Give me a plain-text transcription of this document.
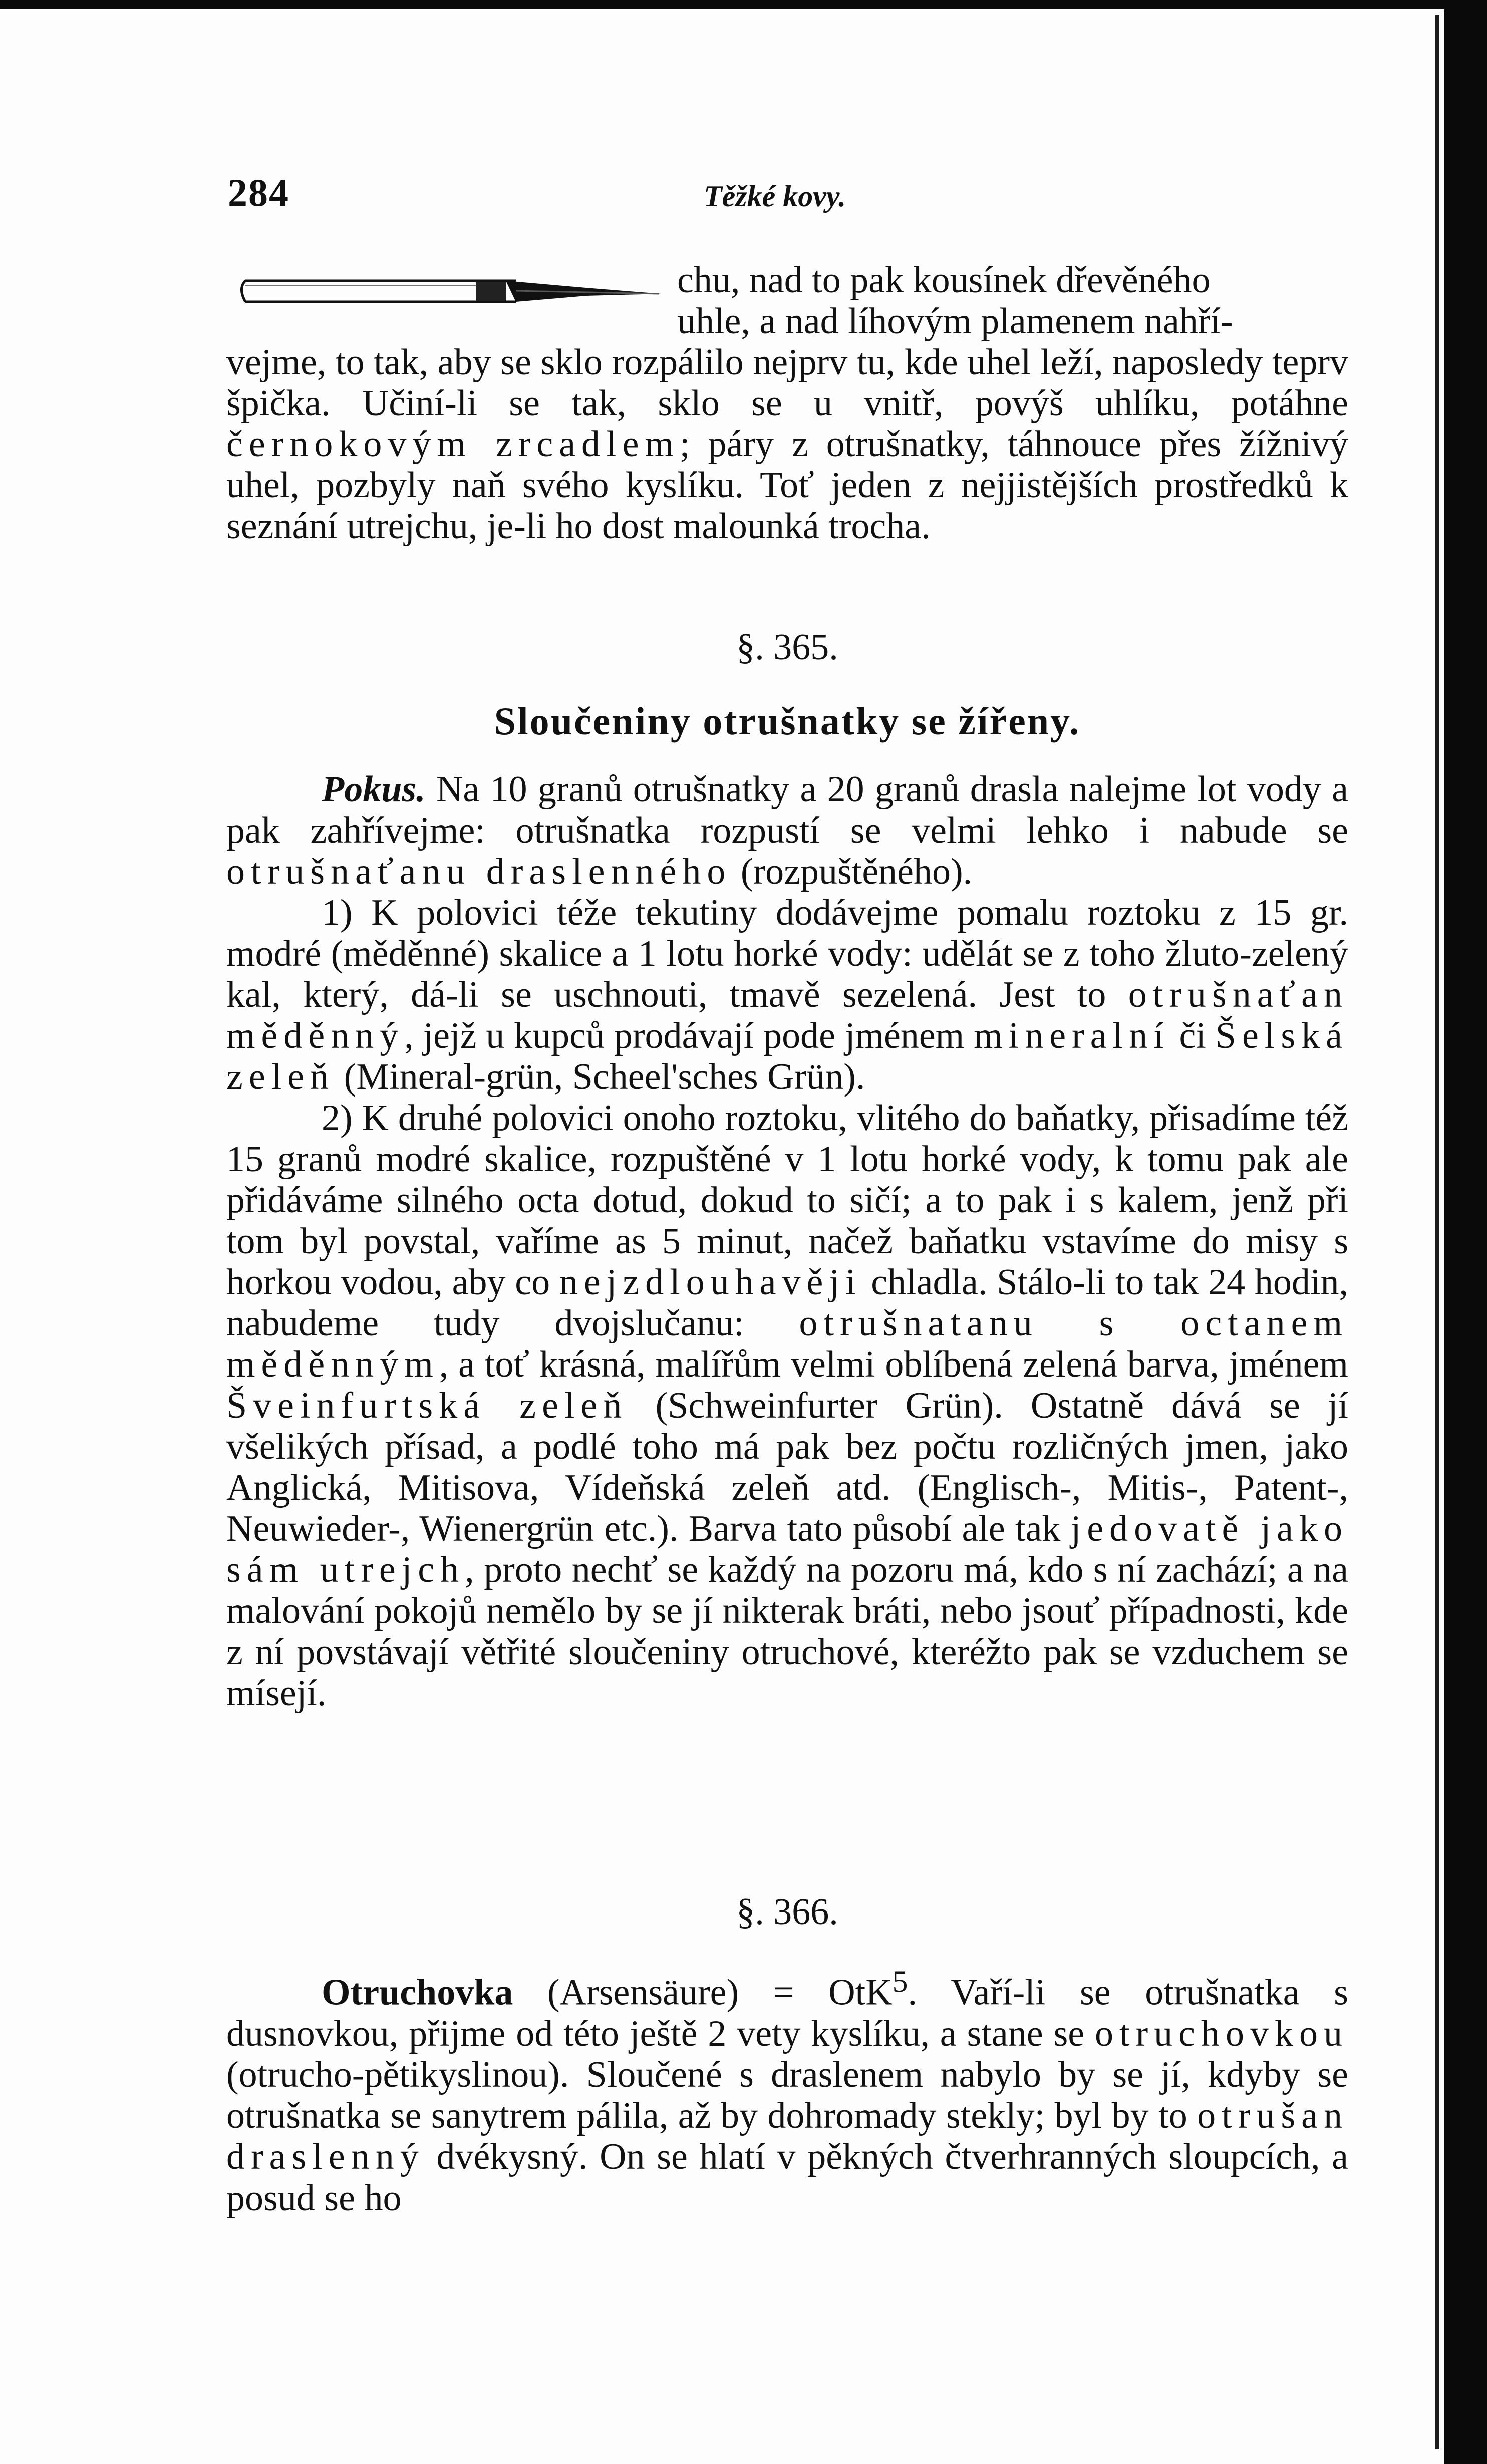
284	Těžké kovy.

chu, nad to pak kousínek dřevěného

uhle, a nad líhovým plamenem nahří-

vejme, to tak, aby se sklo rozpálilo nejprv tu, kde uhel leží, naposledy teprv špička. Učiní-li se tak, sklo se u vnitř, povýš uhlíku, potáhne černokovým zrcadlem; páry z otrušnatky, táhnouce přes žížnivý uhel, pozbyly naň svého kyslíku. Toť jeden z nejjistějších prostředků k seznání utrejchu, je-li ho dost malounká trocha.

§. 365.
Sloučeniny otrušnatky se žířeny.

Pokus. Na 10 granů otrušnatky a 20 granů drasla nalejme lot vody a pak zahřívejme: otrušnatka rozpustí se velmi lehko i nabude se otrušnaťanu draslenného (rozpuštěného).

1) K polovici téže tekutiny dodávejme pomalu roztoku z 15 gr. modré (měděnné) skalice a 1 lotu horké vody: udělát se z toho žluto-zelený kal, který, dá-li se uschnouti, tmavě sezelená. Jest to otrušnaťan měděnný, jejž u kupců prodávají pode jménem mineralní či Šelská zeleň (Mineral-grün, Scheel'sches Grün).

2) K druhé polovici onoho roztoku, vlitého do baňatky, přisadíme též 15 granů modré skalice, rozpuštěné v 1 lotu horké vody, k tomu pak ale přidáváme silného octa dotud, dokud to sičí; a to pak i s kalem, jenž při tom byl povstal, vaříme as 5 minut, načež baňatku vstavíme do misy s horkou vodou, aby co nejzdlouhavěji chladla. Stálo-li to tak 24 hodin, nabudeme tudy dvojslučanu: otrušnatanu s octanem měděnným, a toť krásná, malířům velmi oblíbená zelená barva, jménem Šveinfurtská zeleň (Schweinfurter Grün). Ostatně dává se jí všelikých přísad, a podlé toho má pak bez počtu rozličných jmen, jako Anglická, Mitisova, Vídeňská zeleň atd. (Englisch-, Mitis-, Patent-, Neuwieder-, Wienergrün etc.). Barva tato působí ale tak jedovatě jako sám utrejch, proto nechť se každý na pozoru má, kdo s ní zachází; a na malování pokojů nemělo by se jí nikterak bráti, nebo jsouť případnosti, kde z ní povstávají větřité sloučeniny otruchové, kteréžto pak se vzduchem se mísejí.

§. 366.

Otruchovka (Arsensäure) = OtK$^5$. Vaří-li se otrušnatka s dusnovkou, přijme od této ještě 2 vety kyslíku, a stane se otruchovkou (otrucho-pětikyslinou). Sloučené s draslenem nabylo by se jí, kdyby se otrušnatka se sanytrem pálila, až by dohromady stekly; byl by to otrušan draslenný dvékysný. On se hlatí v pěkných čtverhranných sloupcích, a posud se ho
